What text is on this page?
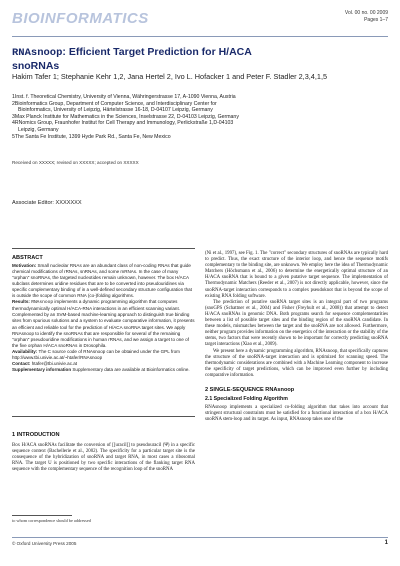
BIOINFORMATICS	Vol. 00 no. 00 2009
Pages 1–7
RNAsnoop: Efficient Target Prediction for H/ACA
snoRNAs
Hakim Tafer 1; Stephanie Kehr 1,2, Jana Hertel 2, Ivo L. Hofacker 1 and Peter F. Stadler 2,3,4,1,5
1Inst. f. Theoretical Chemistry, University of Vienna, Währingerstrasse 17, A-1090 Vienna, Austria
2Bioinformatics Group, Department of Computer Science, and Interdisciplinary Center for
Bioinformatics, University of Leipzig, Härtelstrasse 16-18, D-04107 Leipzig, Germany
3Max Planck Institute for Mathematics in the Sciences, Inselstrasse 22, D-04103 Leipzig, Germany
4RNomics Group, Fraunhofer Institut for Cell Therapy and Immunology, Perlickstraße 1,D-04103
Leipzig, Germany
5The Santa Fe Institute, 1399 Hyde Park Rd., Santa Fe, New Mexico
Received on XXXXX; revised on XXXXX; accepted on XXXXX
Associate Editor: XXXXXXX

ABSTRACT

Motivation: Small nucleolar RNAs are an abundant class of non-coding RNAs that guide chemical modifications of rRNAs, snRNAs, and some mRNAs. In the case of many "orphan" snoRNAs, the targeted nucleotides remain unknown, however. The box H/ACA subclass determines uridine residues that are to be converted into pseudouridines via specific complementary binding of in a well-defined secondary structure configuration that is outside the scope of common RNA (co-)folding algorithms.

Results: RNAsnoop implements a dynamic programming algorithm that computes thermodynamically optimal H/ACA-RNA interactions in an efficient scanning variant. Complemented by an SVM-based machine-learning approach to distinguish true binding sites from spurious solutions and a system to evaluate comparative information, it presents an efficient and reliable tool for the prediction of H/ACA snoRNA target sites. We apply RNAsnoop to identify the snoRNAs that are responsible for several of the remaining "orphan" pseudouridine modifications in human rRNAs, and we assign a target to one of the five orphan H/ACA snoRNAs in Drosophila.

Availability: The C source code of RNAsnoop can be obtained under the GPL from http://www.tbi.univie.ac.at/~htafer/RNAsnoop

Contact: htafer@tbi.univie.ac.at

Supplementary information Supplementary data are available at Bioinformatics online.

1 INTRODUCTION

Box H/ACA snoRNAs facilitate the conversion of [[uracil]] to pseudouracil (Ψ) in a specific sequence context (Bachellerie et al., 2002). The specificity for a particular target site is the consequence of the hybridization of snoRNA and target RNA, in most cases a ribosomal RNA. The target U is positioned by two specific interactions of the flanking target RNA sequence with the complementary sequence of the recognition loop of the snoRNA

to whom correspondence should be addressed

(Ni et al., 1997), see Fig. 1. The "correct" secondary structures of snoRNAs are typically hard to predict. Thus, the exact structure of the interior loop, and hence the sequence motifs complementary to the binding site, are unknown. We employ here the idea of Thermodynamic Matchers (Höchsmann et al., 2006) to determine the energetically optimal structure of an H/ACA snoRNA that is bound to a given putative target sequence. The implementation of Thermodynamic Matchers (Reeder et al., 2007) is not directly applicable, however, since the snoRNA-target interaction corresponds to a complex pseudoknot that is beyond the scope of existing RNA folding software.

The prediction of putative snoRNA target sites is an integral part of two programs (snoGPS (Schattner et al., 2004) and Fisher (Freyhult et al., 2008)) that attempt to detect H/ACA snoRNAs in genomic DNA. Both programs search for sequence complementarities between a list of possible target sites and the binding region of the snoRNA candidate. In these models, mismatches between the target and the snoRNA are not allowed. Furthermore, neither program provides information on the energetics of the interaction or the stability of the stems, two factors that were recently shown to be important for correctly predicting snoRNA target interactions (Xiao et al., 2009).

We present here a dynamic programming algorithm, RNAsnoop, that specifically captures the structure of the snoRNA-target interaction and is optimized for scanning speed. The thermodynamic considerations are combined with a Machine Learning component to increase the specificity of target predictions, which can be improved even further by including comparative information.

2 SINGLE-SEQUENCE RNAsnoop
2.1 Specialized Folding Algorithm

RNAsnoop implements a specialized co-folding algorithm that takes into account that stringent structural constraints must be satisfied for a functional interaction of a box H/ACA snoRNA stem-loop and its target. As input, RNAsnoop takes one of the

© Oxford University Press 2005	1
